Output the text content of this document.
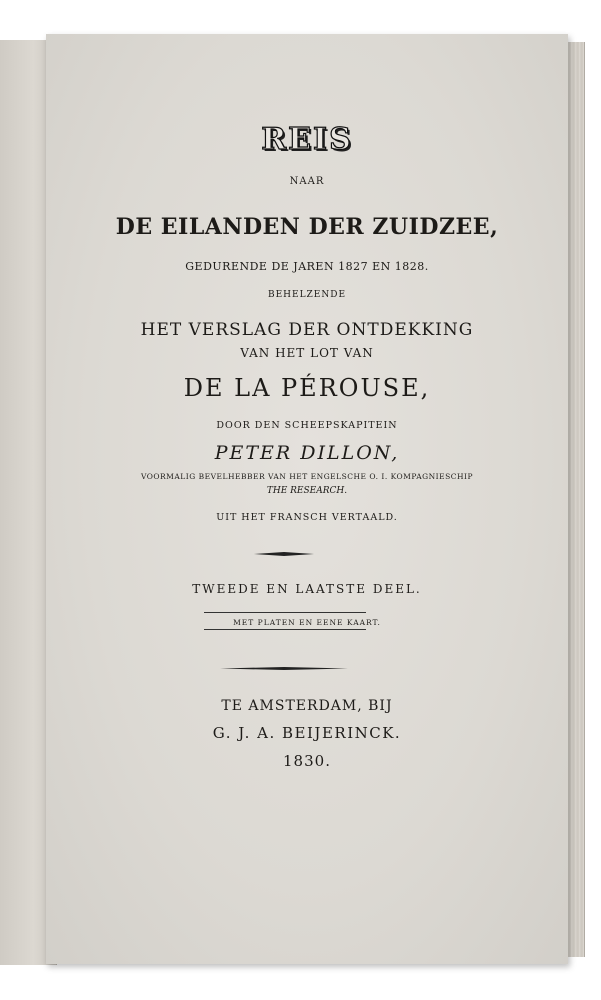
REIS
NAAR
DE EILANDEN DER ZUIDZEE,
GEDURENDE DE JAREN 1827 EN 1828.
BEHELZENDE
HET VERSLAG DER ONTDEKKING
VAN HET LOT VAN
DE LA PÉROUSE,
DOOR DEN SCHEEPSKAPITEIN
PETER DILLON,
VOORMALIG BEVELHEBBER VAN HET ENGELSCHE O. I. KOMPAGNIESCHIP
THE RESEARCH.
UIT HET FRANSCH VERTAALD.
TWEEDE EN LAATSTE DEEL.
MET PLATEN EN EENE KAART.
TE AMSTERDAM, BIJ
G. J. A. BEIJERINCK.
1830.
